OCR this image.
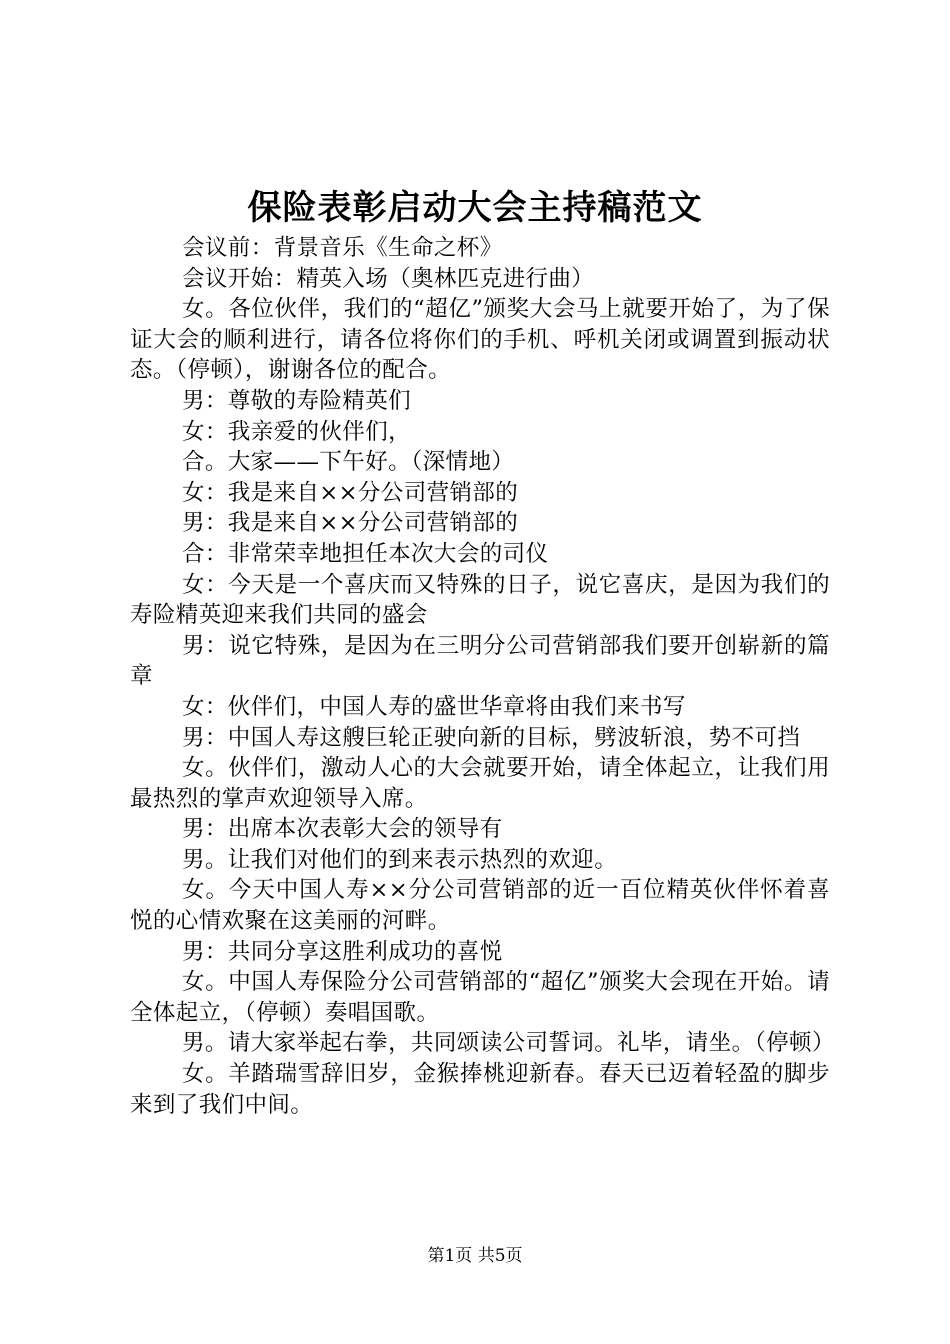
保险表彰启动大会主持稿范文

会议前：背景音乐《生命之杯》

会议开始：精英入场（奥林匹克进行曲）

女。各位伙伴，我们的“超亿”颁奖大会马上就要开始了，为了保证大会的顺利进行，请各位将你们的手机、呼机关闭或调置到振动状态。（停顿），谢谢各位的配合。

男：尊敬的寿险精英们

女：我亲爱的伙伴们，

合。大家——下午好。（深情地）

女：我是来自××分公司营销部的

男：我是来自××分公司营销部的

合：非常荣幸地担任本次大会的司仪

女：今天是一个喜庆而又特殊的日子，说它喜庆，是因为我们的寿险精英迎来我们共同的盛会

男：说它特殊，是因为在三明分公司营销部我们要开创崭新的篇章

女：伙伴们，中国人寿的盛世华章将由我们来书写

男：中国人寿这艘巨轮正驶向新的目标，劈波斩浪，势不可挡

女。伙伴们，激动人心的大会就要开始，请全体起立，让我们用最热烈的掌声欢迎领导入席。

男：出席本次表彰大会的领导有

男。让我们对他们的到来表示热烈的欢迎。

女。今天中国人寿××分公司营销部的近一百位精英伙伴怀着喜悦的心情欢聚在这美丽的河畔。

男：共同分享这胜利成功的喜悦

女。中国人寿保险分公司营销部的“超亿”颁奖大会现在开始。请全体起立，（停顿）奏唱国歌。

男。请大家举起右拳，共同颂读公司誓词。礼毕，请坐。（停顿）

女。羊踏瑞雪辞旧岁，金猴捧桃迎新春。春天已迈着轻盈的脚步来到了我们中间。

第1页 共5页
